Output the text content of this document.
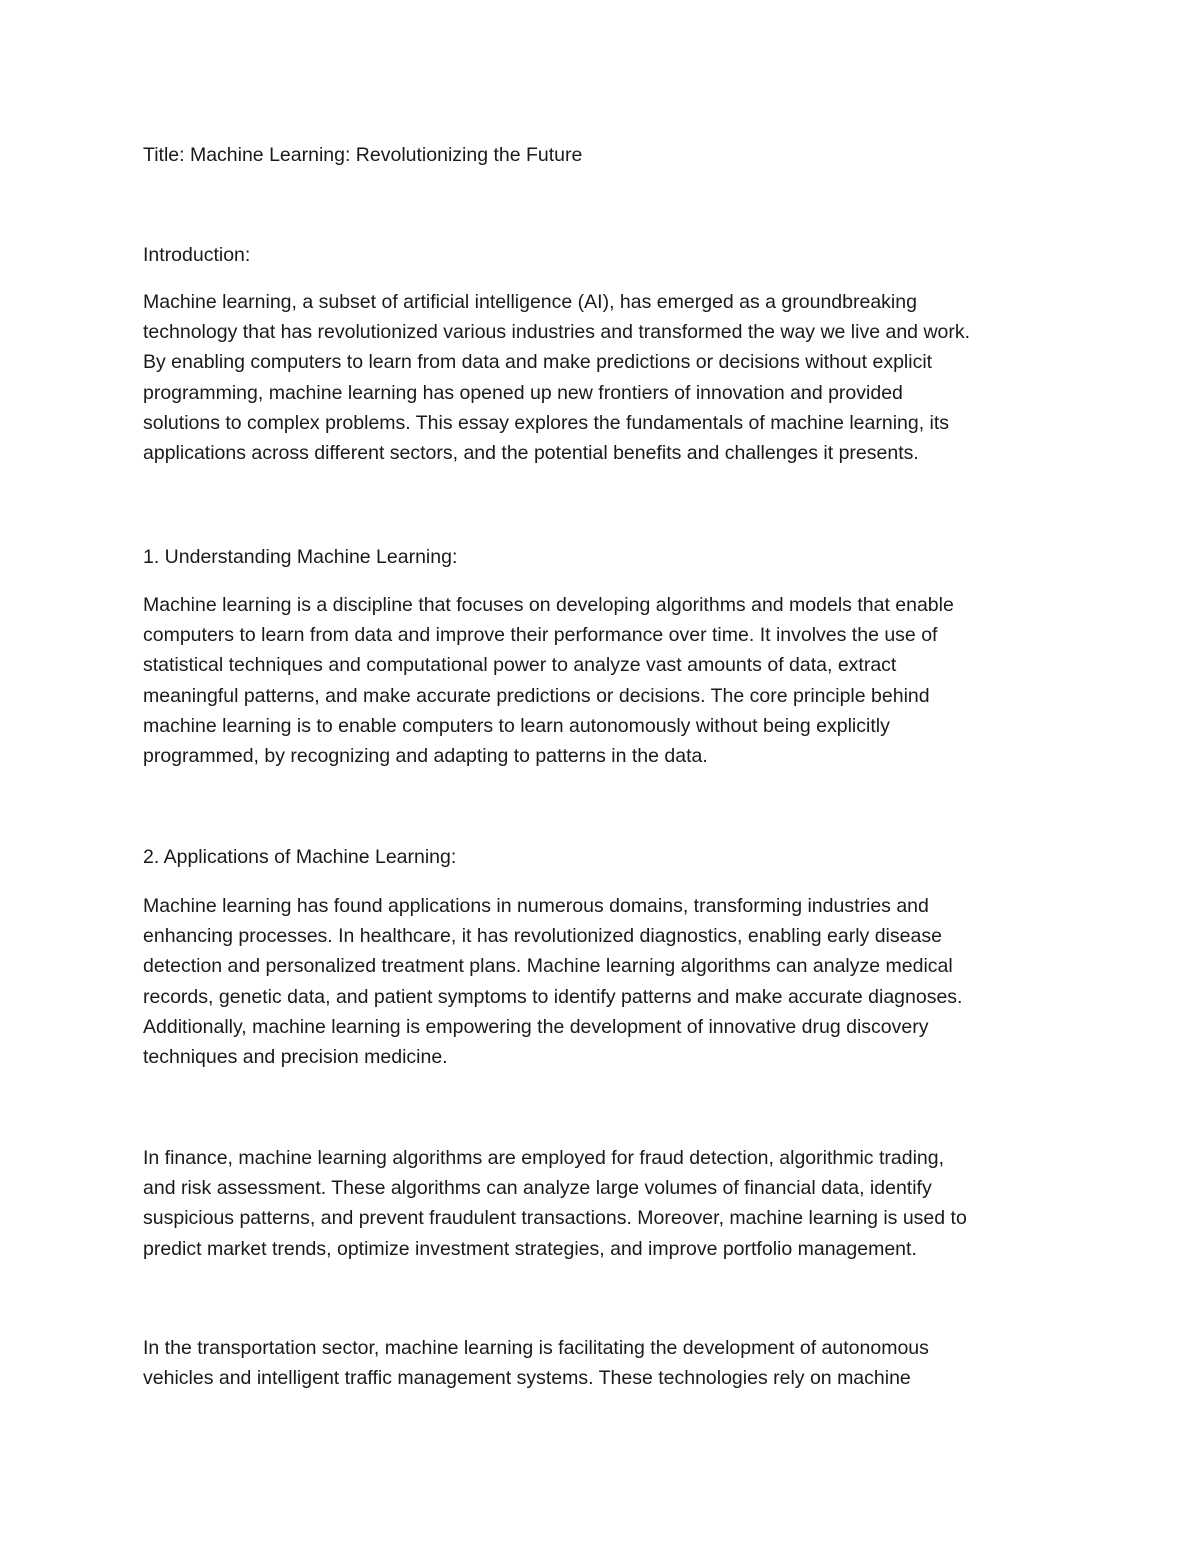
Title: Machine Learning: Revolutionizing the Future

Introduction:

Machine learning, a subset of artificial intelligence (AI), has emerged as a groundbreaking

technology that has revolutionized various industries and transformed the way we live and work.

By enabling computers to learn from data and make predictions or decisions without explicit

programming, machine learning has opened up new frontiers of innovation and provided

solutions to complex problems. This essay explores the fundamentals of machine learning, its

applications across different sectors, and the potential benefits and challenges it presents.

1. Understanding Machine Learning:

Machine learning is a discipline that focuses on developing algorithms and models that enable

computers to learn from data and improve their performance over time. It involves the use of

statistical techniques and computational power to analyze vast amounts of data, extract

meaningful patterns, and make accurate predictions or decisions. The core principle behind

machine learning is to enable computers to learn autonomously without being explicitly

programmed, by recognizing and adapting to patterns in the data.

2. Applications of Machine Learning:

Machine learning has found applications in numerous domains, transforming industries and

enhancing processes. In healthcare, it has revolutionized diagnostics, enabling early disease

detection and personalized treatment plans. Machine learning algorithms can analyze medical

records, genetic data, and patient symptoms to identify patterns and make accurate diagnoses.

Additionally, machine learning is empowering the development of innovative drug discovery

techniques and precision medicine.

In finance, machine learning algorithms are employed for fraud detection, algorithmic trading,

and risk assessment. These algorithms can analyze large volumes of financial data, identify

suspicious patterns, and prevent fraudulent transactions. Moreover, machine learning is used to

predict market trends, optimize investment strategies, and improve portfolio management.

In the transportation sector, machine learning is facilitating the development of autonomous

vehicles and intelligent traffic management systems. These technologies rely on machine
